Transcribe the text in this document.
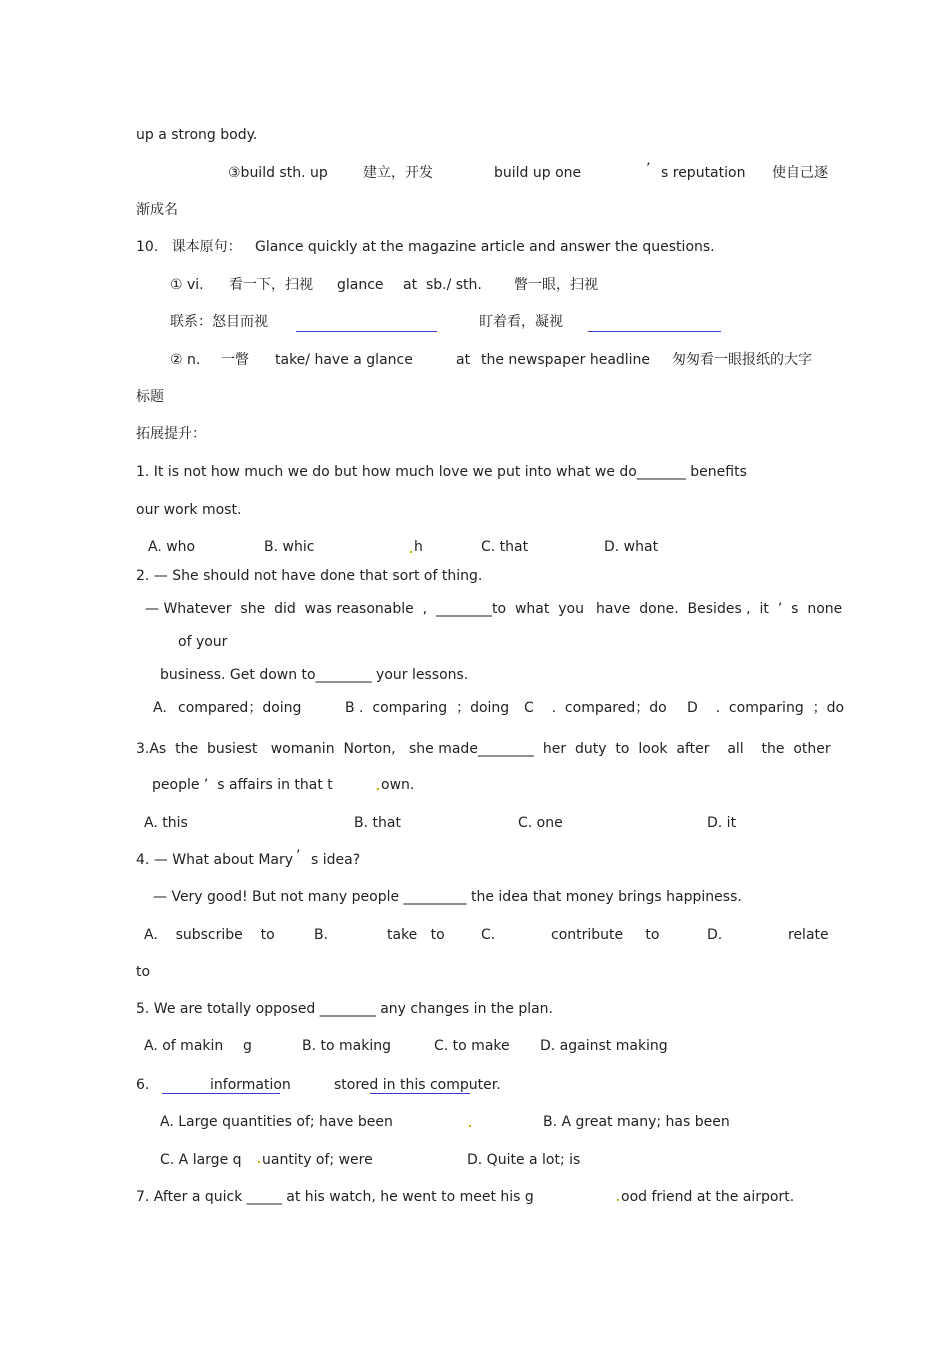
up a strong body.
③build sth. up	建立，开发	build up one	’ s reputation 使自己逐
渐成名
10.   课本原句：   Glance quickly at the magazine article and answer the questions.
① vi. 看一下，扫视 glance at  sb./ sth. 瞥一眼，扫视
联系：怒目而视	盯着看，凝视
② n. 一瞥 take/ have a glance	at the newspaper headline 匆匆看一眼报纸的大字
标题
拓展提升：
1. It is not how much we do but how much love we put into what we do_______ benefits
our work most.
A. who	B. whic	h	C. that	D. what
2. — She should not have done that sort of thing.
— Whatever  she  did  was reasonable  ,  ________to  what  you have  done.  Besides ,  it  ’  s  none
of your
business. Get down to________ your lessons.
A. compared；doing	B .  comparing  ；doing C    .  compared；do D    .  comparing  ；do
3.As  the  busiest   womanin  Norton,   she made________  her  duty  to  look  after    all    the  other
people ’  s affairs in that t	own.
A. this	B. that	C. one	D. it
4. — What about Mary ’ s idea?
— Very good! But not many people _________ the idea that money brings happiness.
A.    subscribe    to	B.	take   to	C.	contribute     to	D.	relate
to
5. We are totally opposed ________ any changes in the plan.
A. of makin g	B. to making	C. to make D. against making
6.	information	stored in this computer.
A. Large quantities of; have been	B. A great many; has been
C. A large q uantity of; were	D. Quite a lot; is
7. After a quick _____ at his watch, he went to meet his g	ood friend at the airport.
